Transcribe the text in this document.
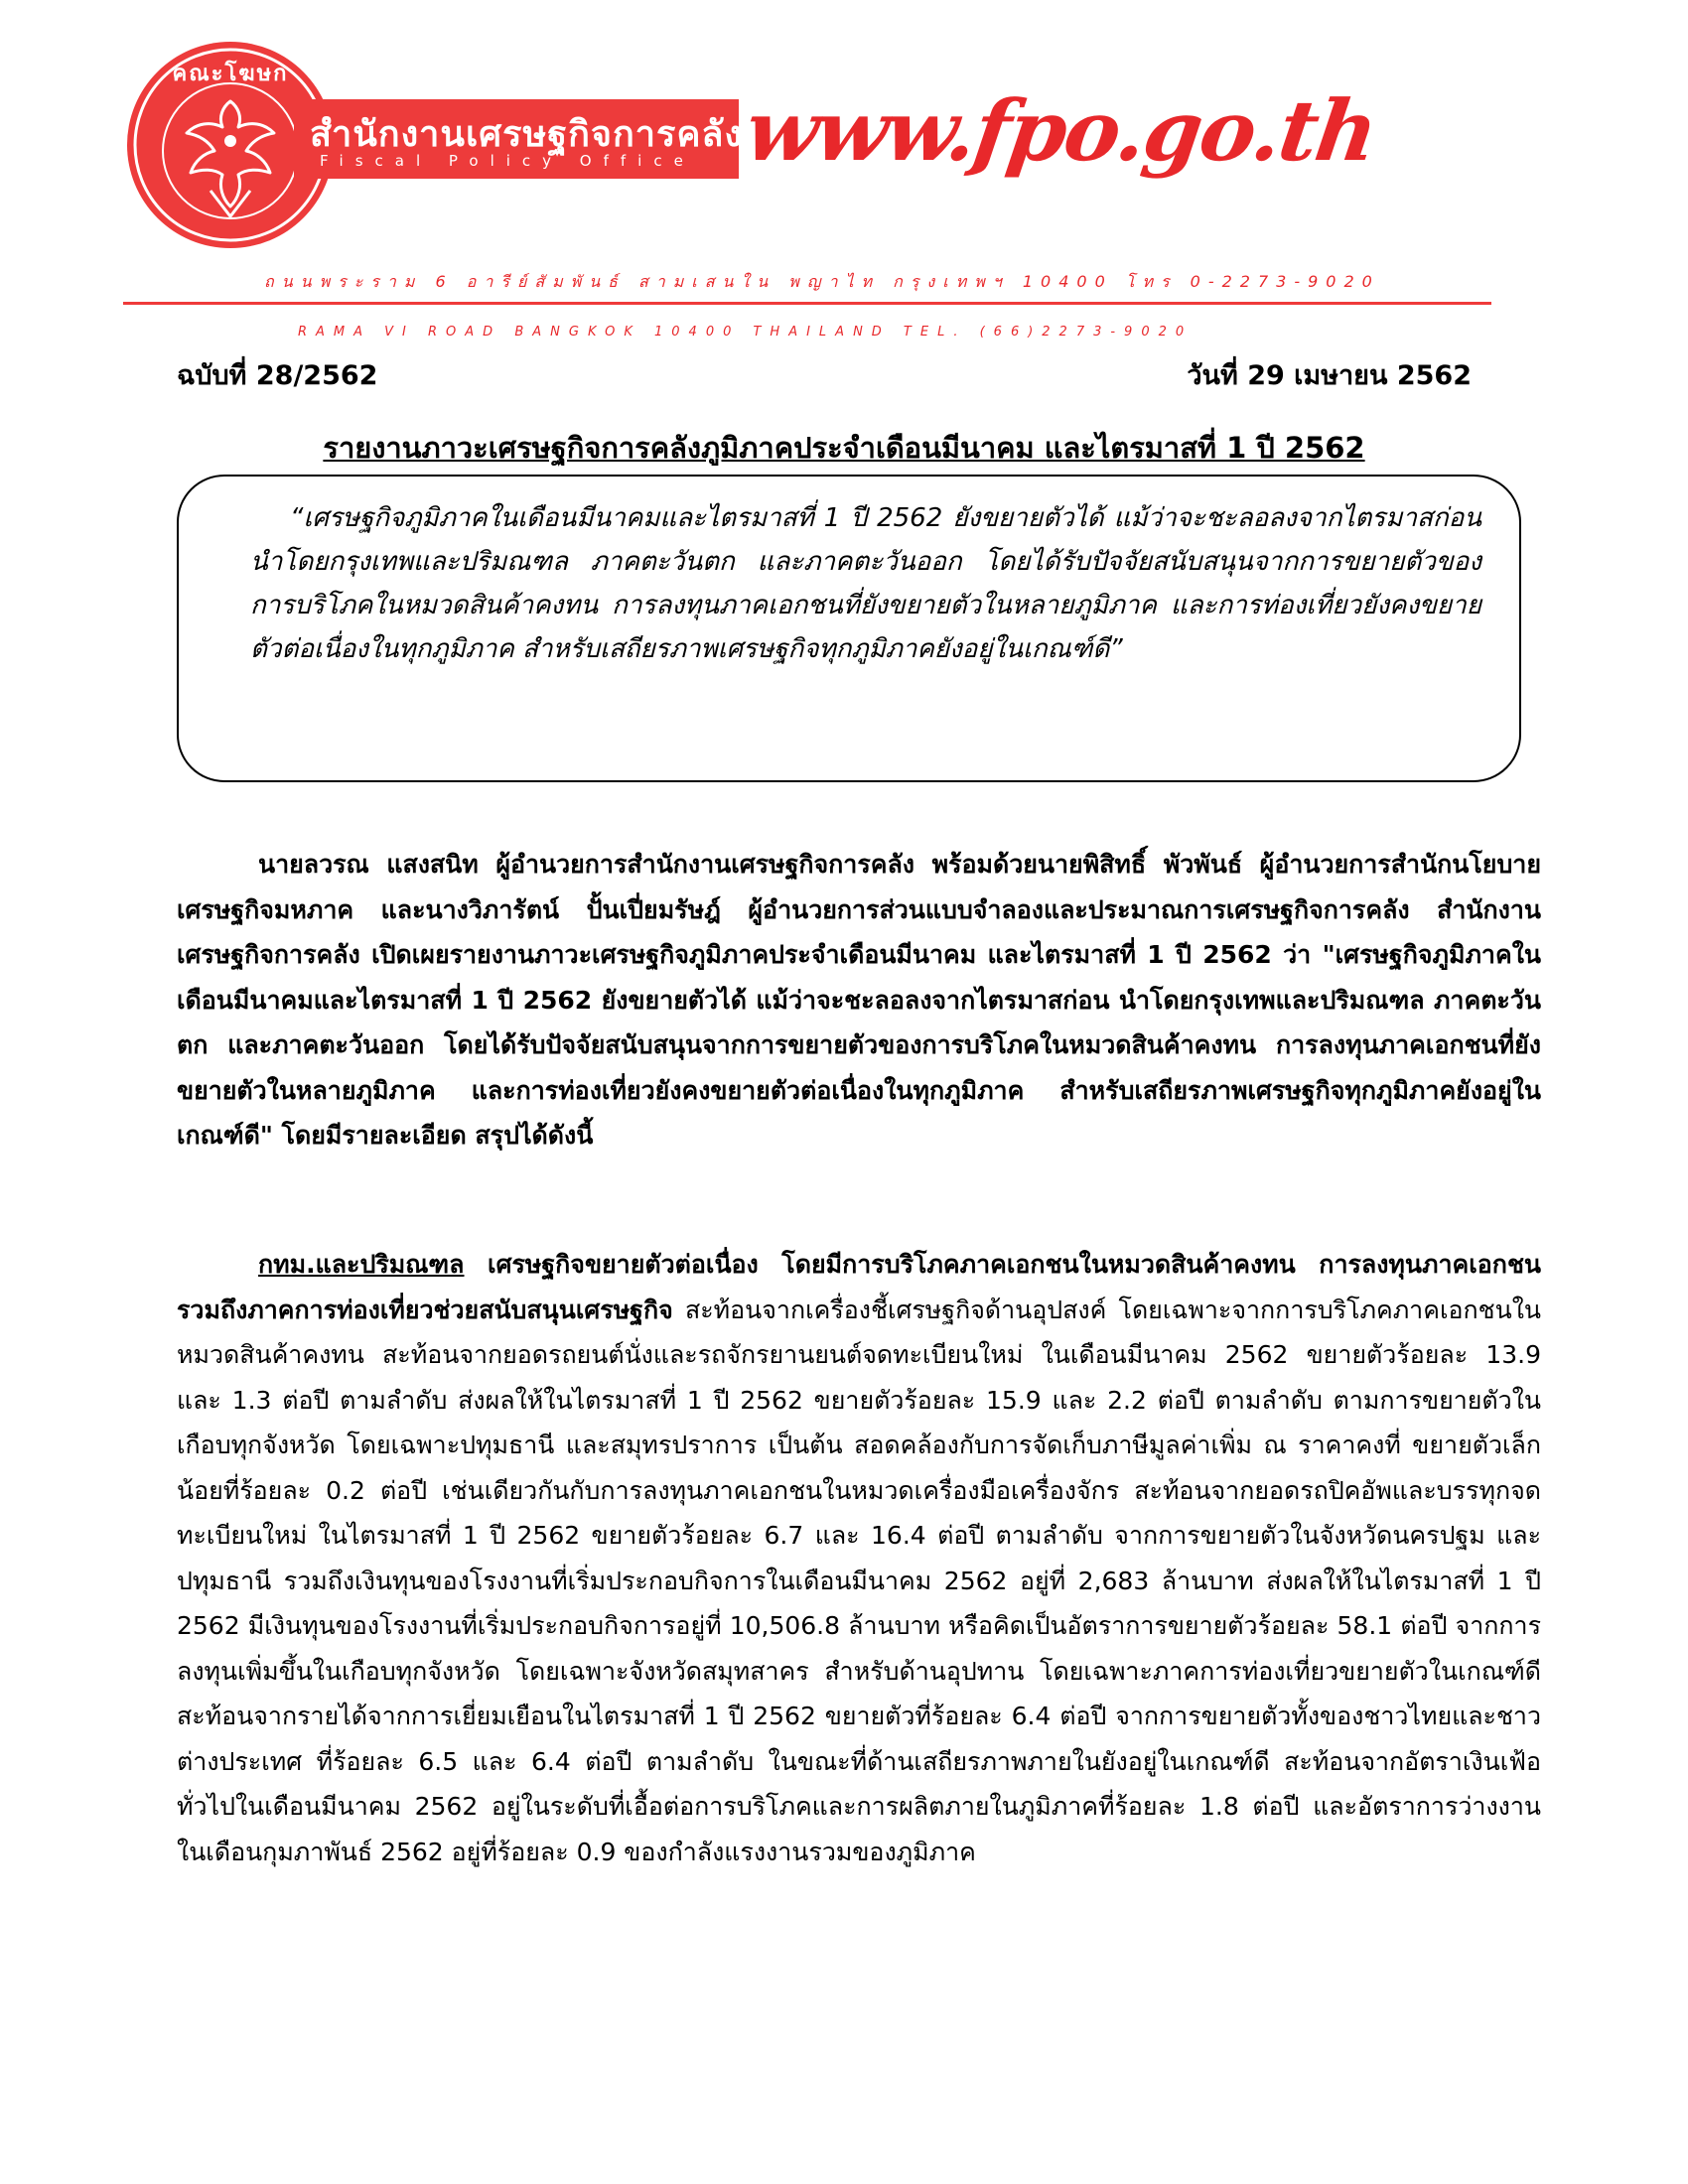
คณะโฆษก
สำนักงานเศรษฐกิจการคลัง
Fiscal Policy Office www.fpo.go.th
ถนนพระราม 6 อารีย์สัมพันธ์ สามเสนใน พญาไท กรุงเทพฯ 10400 โทร 0-2273-9020
RAMA VI ROAD BANGKOK 10400 THAILAND TEL. (66)2273-9020
ฉบับที่ 28/2562	วันที่ 29 เมษายน 2562
รายงานภาวะเศรษฐกิจการคลังภูมิภาคประจำเดือนมีนาคม และไตรมาสที่ 1 ปี 2562
“เศรษฐกิจภูมิภาคในเดือนมีนาคมและไตรมาสที่ 1 ปี 2562 ยังขยายตัวได้ แม้ว่าจะชะลอลงจากไตรมาสก่อน นำโดยกรุงเทพและปริมณฑล ภาคตะวันตก และภาคตะวันออก โดยได้รับปัจจัยสนับสนุนจากการขยายตัวของการบริโภคในหมวดสินค้าคงทน การลงทุนภาคเอกชนที่ยังขยายตัวในหลายภูมิภาค และการท่องเที่ยวยังคงขยายตัวต่อเนื่องในทุกภูมิภาค สำหรับเสถียรภาพเศรษฐกิจทุกภูมิภาคยังอยู่ในเกณฑ์ดี”
นายลวรณ แสงสนิท ผู้อำนวยการสำนักงานเศรษฐกิจการคลัง พร้อมด้วยนายพิสิทธิ์ พัวพันธ์ ผู้อำนวยการสำนักนโยบายเศรษฐกิจมหภาค และนางวิภารัตน์ ปั้นเปี่ยมรัษฎ์ ผู้อำนวยการส่วนแบบจำลองและประมาณการเศรษฐกิจการคลัง สำนักงานเศรษฐกิจการคลัง เปิดเผยรายงานภาวะเศรษฐกิจภูมิภาคประจำเดือนมีนาคม และไตรมาสที่ 1 ปี 2562 ว่า "เศรษฐกิจภูมิภาคในเดือนมีนาคมและไตรมาสที่ 1 ปี 2562 ยังขยายตัวได้ แม้ว่าจะชะลอลงจากไตรมาสก่อน นำโดยกรุงเทพและปริมณฑล ภาคตะวันตก และภาคตะวันออก โดยได้รับปัจจัยสนับสนุนจากการขยายตัวของการบริโภคในหมวดสินค้าคงทน การลงทุนภาคเอกชนที่ยังขยายตัวในหลายภูมิภาค และการท่องเที่ยวยังคงขยายตัวต่อเนื่องในทุกภูมิภาค สำหรับเสถียรภาพเศรษฐกิจทุกภูมิภาคยังอยู่ในเกณฑ์ดี" โดยมีรายละเอียด สรุปได้ดังนี้
กทม.และปริมณฑล เศรษฐกิจขยายตัวต่อเนื่อง โดยมีการบริโภคภาคเอกชนในหมวดสินค้าคงทน การลงทุนภาคเอกชน รวมถึงภาคการท่องเที่ยวช่วยสนับสนุนเศรษฐกิจ สะท้อนจากเครื่องชี้เศรษฐกิจด้านอุปสงค์ โดยเฉพาะจากการบริโภคภาคเอกชนในหมวดสินค้าคงทน สะท้อนจากยอดรถยนต์นั่งและรถจักรยานยนต์จดทะเบียนใหม่ ในเดือนมีนาคม 2562 ขยายตัวร้อยละ 13.9 และ 1.3 ต่อปี ตามลำดับ ส่งผลให้ในไตรมาสที่ 1 ปี 2562 ขยายตัวร้อยละ 15.9 และ 2.2 ต่อปี ตามลำดับ ตามการขยายตัวในเกือบทุกจังหวัด โดยเฉพาะปทุมธานี และสมุทรปราการ เป็นต้น สอดคล้องกับการจัดเก็บภาษีมูลค่าเพิ่ม ณ ราคาคงที่ ขยายตัวเล็กน้อยที่ร้อยละ 0.2 ต่อปี เช่นเดียวกันกับการลงทุนภาคเอกชนในหมวดเครื่องมือเครื่องจักร สะท้อนจากยอดรถปิคอัพและบรรทุกจดทะเบียนใหม่ ในไตรมาสที่ 1 ปี 2562 ขยายตัวร้อยละ 6.7 และ 16.4 ต่อปี ตามลำดับ จากการขยายตัวในจังหวัดนครปฐม และปทุมธานี รวมถึงเงินทุนของโรงงานที่เริ่มประกอบกิจการในเดือนมีนาคม 2562 อยู่ที่ 2,683 ล้านบาท ส่งผลให้ในไตรมาสที่ 1 ปี 2562 มีเงินทุนของโรงงานที่เริ่มประกอบกิจการอยู่ที่ 10,506.8 ล้านบาท หรือคิดเป็นอัตราการขยายตัวร้อยละ 58.1 ต่อปี จากการลงทุนเพิ่มขึ้นในเกือบทุกจังหวัด โดยเฉพาะจังหวัดสมุทสาคร สำหรับด้านอุปทาน โดยเฉพาะภาคการท่องเที่ยวขยายตัวในเกณฑ์ดี สะท้อนจากรายได้จากการเยี่ยมเยือนในไตรมาสที่ 1 ปี 2562 ขยายตัวที่ร้อยละ 6.4 ต่อปี จากการขยายตัวทั้งของชาวไทยและชาวต่างประเทศ ที่ร้อยละ 6.5 และ 6.4 ต่อปี ตามลำดับ ในขณะที่ด้านเสถียรภาพภายในยังอยู่ในเกณฑ์ดี สะท้อนจากอัตราเงินเฟ้อทั่วไปในเดือนมีนาคม 2562 อยู่ในระดับที่เอื้อต่อการบริโภคและการผลิตภายในภูมิภาคที่ร้อยละ 1.8 ต่อปี และอัตราการว่างงานในเดือนกุมภาพันธ์ 2562 อยู่ที่ร้อยละ 0.9 ของกำลังแรงงานรวมของภูมิภาค
